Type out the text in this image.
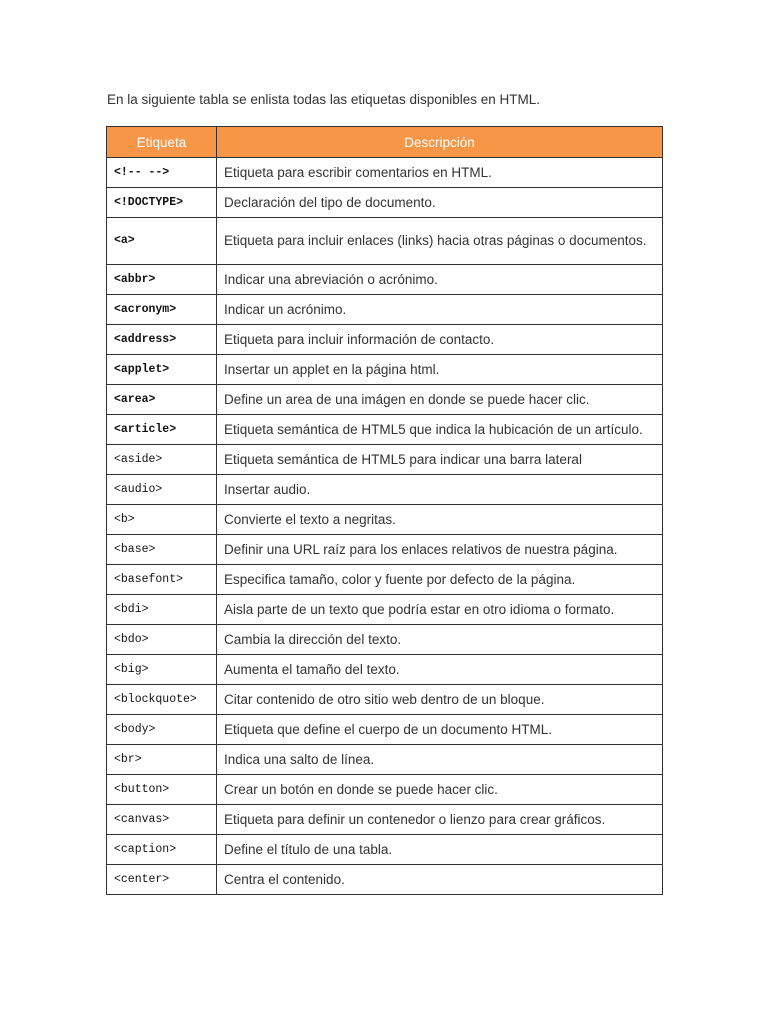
En la siguiente tabla se enlista todas las etiquetas disponibles en HTML.

Etiqueta	Descripción
<!-- -->	Etiqueta para escribir comentarios en HTML.
<!DOCTYPE>	Declaración del tipo de documento.
<a>	Etiqueta para incluir enlaces (links) hacia otras páginas o documentos.
<abbr>	Indicar una abreviación o acrónimo.
<acronym>	Indicar un acrónimo.
<address>	Etiqueta para incluir información de contacto.
<applet>	Insertar un applet en la página html.
<area>	Define un area de una imágen en donde se puede hacer clic.
<article>	Etiqueta semántica de HTML5 que indica la hubicación de un artículo.
<aside>	Etiqueta semántica de HTML5 para indicar una barra lateral
<audio>	Insertar audio.
<b>	Convierte el texto a negritas.
<base>	Definir una URL raíz para los enlaces relativos de nuestra página.
<basefont>	Especifica tamaño, color y fuente por defecto de la página.
<bdi>	Aisla parte de un texto que podría estar en otro idioma o formato.
<bdo>	Cambia la dirección del texto.
<big>	Aumenta el tamaño del texto.
<blockquote>	Citar contenido de otro sitio web dentro de un bloque.
<body>	Etiqueta que define el cuerpo de un documento HTML.
<br>	Indica una salto de línea.
<button>	Crear un botón en donde se puede hacer clic.
<canvas>	Etiqueta para definir un contenedor o lienzo para crear gráficos.
<caption>	Define el título de una tabla.
<center>	Centra el contenido.
